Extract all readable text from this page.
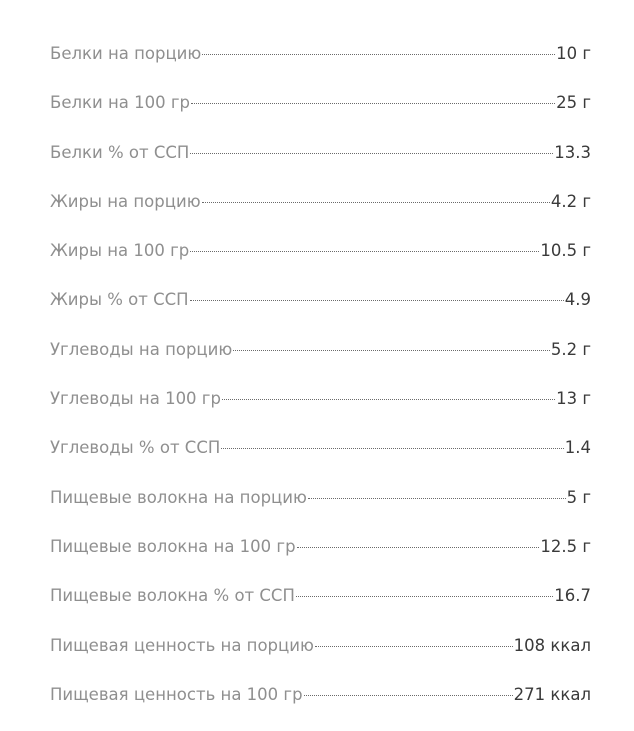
Белки на порцию	10 г
Белки на 100 гр	25 г
Белки % от ССП	13.3
Жиры на порцию	4.2 г
Жиры на 100 гр	10.5 г
Жиры % от ССП	4.9
Углеводы на порцию	5.2 г
Углеводы на 100 гр	13 г
Углеводы % от ССП	1.4
Пищевые волокна на порцию	5 г
Пищевые волокна на 100 гр	12.5 г
Пищевые волокна % от ССП	16.7
Пищевая ценность на порцию	108 ккал
Пищевая ценность на 100 гр	271 ккал
